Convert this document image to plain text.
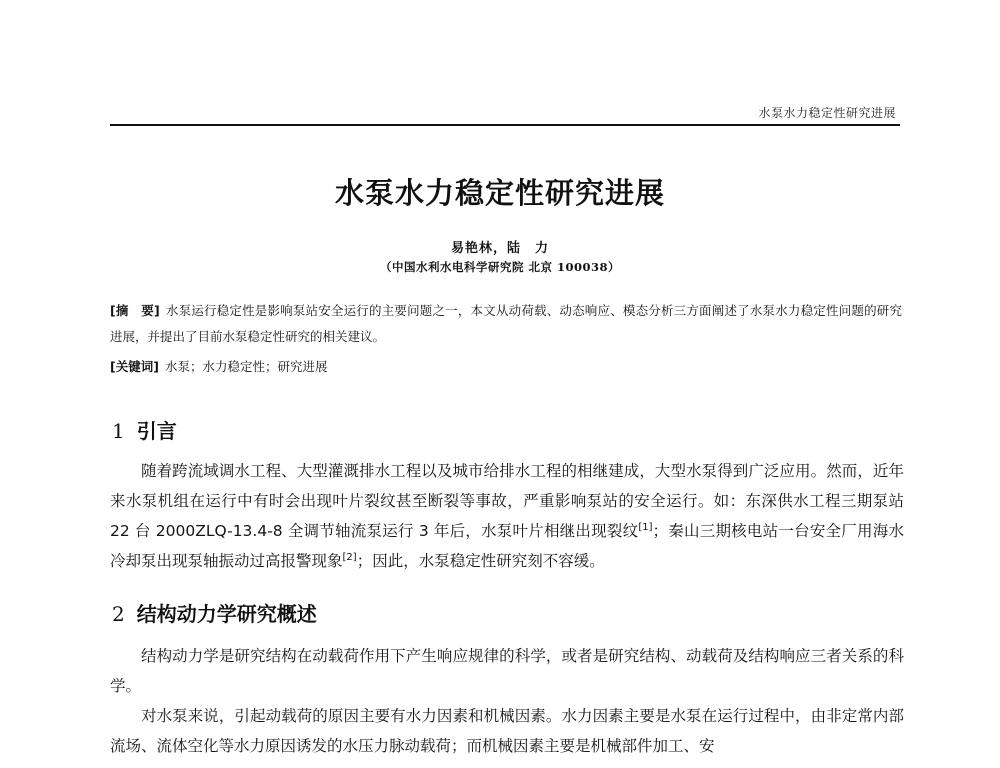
水泵水力稳定性研究进展
水泵水力稳定性研究进展
易艳林，陆　力
（中国水利水电科学研究院 北京 100038）
[摘　要] 水泵运行稳定性是影响泵站安全运行的主要问题之一，本文从动荷载、动态响应、模态分析三方面阐述了水泵水力稳定性问题的研究进展，并提出了目前水泵稳定性研究的相关建议。
[关键词] 水泵；水力稳定性；研究进展
1 引言
随着跨流域调水工程、大型灌溉排水工程以及城市给排水工程的相继建成，大型水泵得到广泛应用。然而，近年来水泵机组在运行中有时会出现叶片裂纹甚至断裂等事故，严重影响泵站的安全运行。如：东深供水工程三期泵站 22 台 2000ZLQ-13.4-8 全调节轴流泵运行 3 年后，水泵叶片相继出现裂纹[1]；秦山三期核电站一台安全厂用海水冷却泵出现泵轴振动过高报警现象[2]；因此，水泵稳定性研究刻不容缓。
2 结构动力学研究概述
结构动力学是研究结构在动载荷作用下产生响应规律的科学，或者是研究结构、动载荷及结构响应三者关系的科学。
对水泵来说，引起动载荷的原因主要有水力因素和机械因素。水力因素主要是水泵在运行过程中，由非定常内部流场、流体空化等水力原因诱发的水压力脉动载荷；而机械因素主要是机械部件加工、安
